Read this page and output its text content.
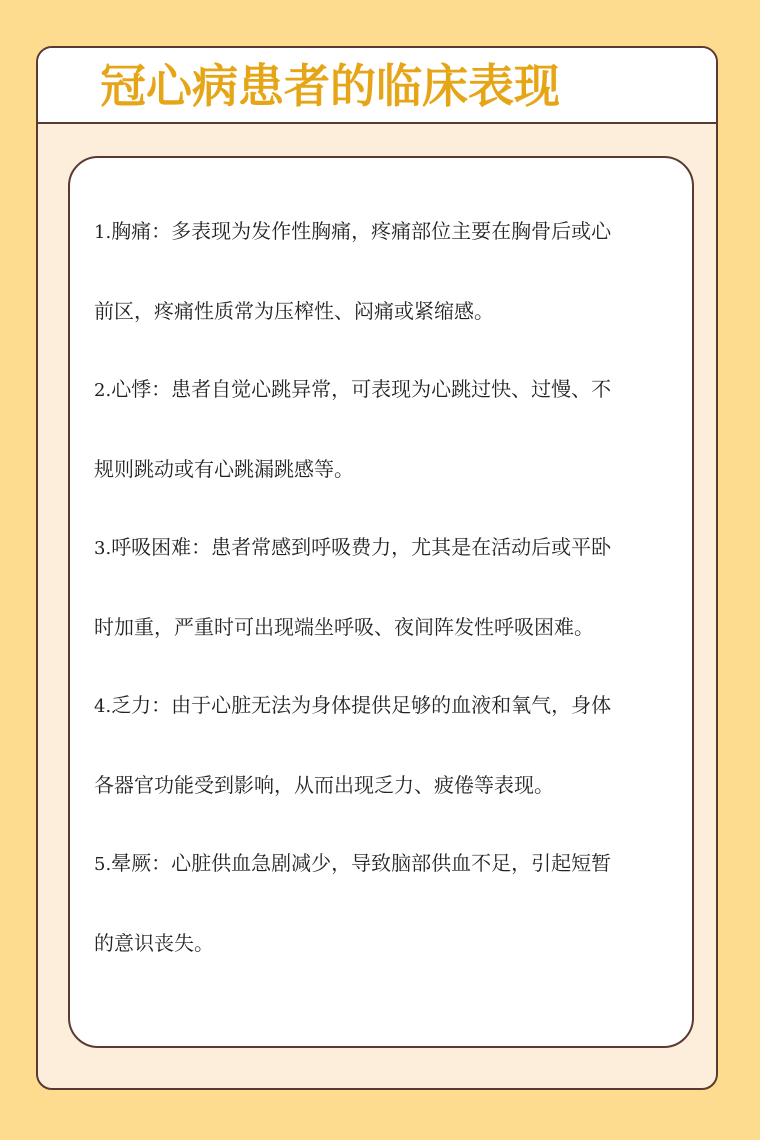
冠心病患者的临床表现
1.胸痛：多表现为发作性胸痛，疼痛部位主要在胸骨后或心
前区，疼痛性质常为压榨性、闷痛或紧缩感。
2.心悸：患者自觉心跳异常，可表现为心跳过快、过慢、不
规则跳动或有心跳漏跳感等。
3.呼吸困难：患者常感到呼吸费力，尤其是在活动后或平卧
时加重，严重时可出现端坐呼吸、夜间阵发性呼吸困难。
4.乏力：由于心脏无法为身体提供足够的血液和氧气，身体
各器官功能受到影响，从而出现乏力、疲倦等表现。
5.晕厥：心脏供血急剧减少，导致脑部供血不足，引起短暂
的意识丧失。
